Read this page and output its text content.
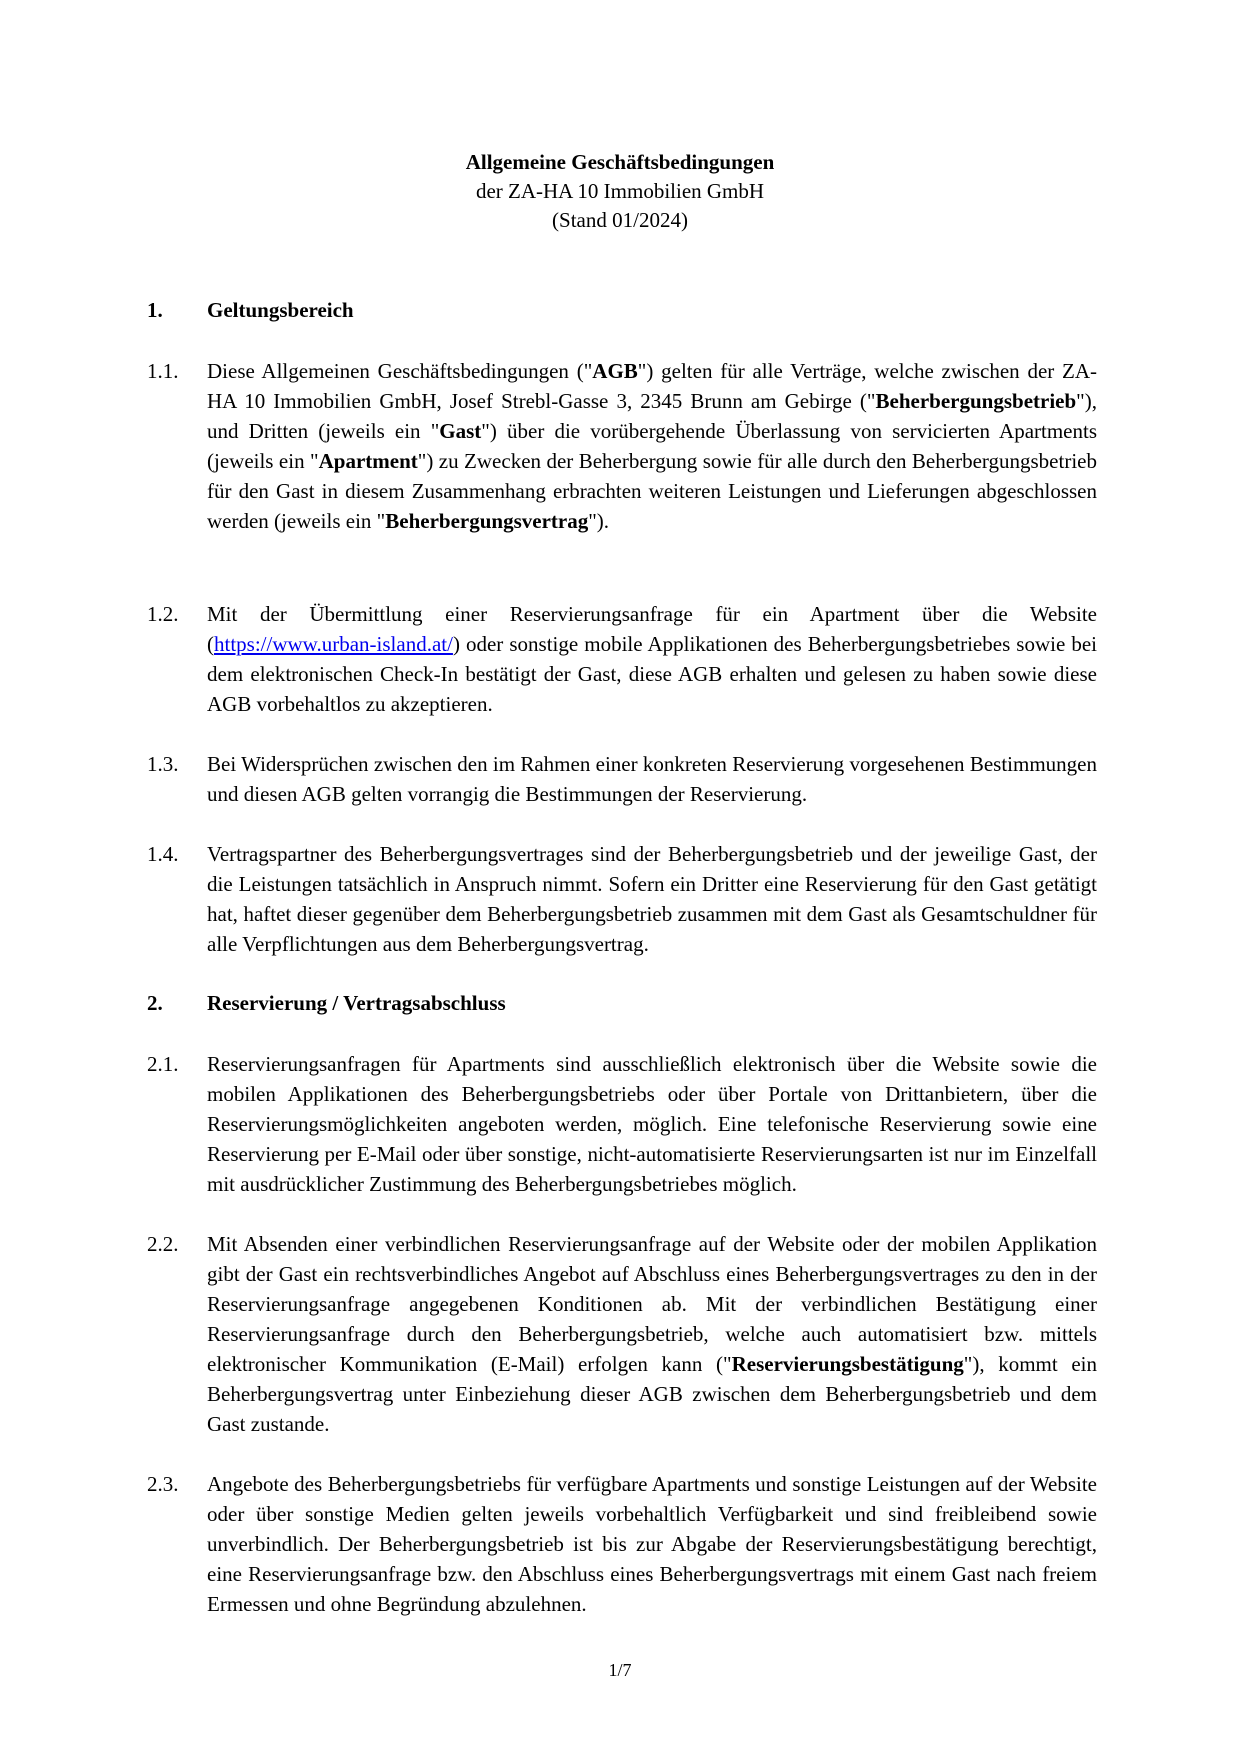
Allgemeine Geschäftsbedingungen
der ZA-HA 10 Immobilien GmbH
(Stand 01/2024)
1. Geltungsbereich
1.1. Diese Allgemeinen Geschäftsbedingungen ("AGB") gelten für alle Verträge, welche zwischen der ZA-HA 10 Immobilien GmbH, Josef Strebl-Gasse 3, 2345 Brunn am Gebirge ("Beherbergungsbetrieb"), und Dritten (jeweils ein "Gast") über die vorübergehende Überlassung von servicierten Apartments (jeweils ein "Apartment") zu Zwecken der Beherbergung sowie für alle durch den Beherbergungsbetrieb für den Gast in diesem Zusammenhang erbrachten weiteren Leistungen und Lieferungen abgeschlossen werden (jeweils ein "Beherbergungsvertrag").
1.2. Mit der Übermittlung einer Reservierungsanfrage für ein Apartment über die Website (https://www.urban-island.at/) oder sonstige mobile Applikationen des Beherbergungsbetriebes sowie bei dem elektronischen Check-In bestätigt der Gast, diese AGB erhalten und gelesen zu haben sowie diese AGB vorbehaltlos zu akzeptieren.
1.3. Bei Widersprüchen zwischen den im Rahmen einer konkreten Reservierung vorgesehenen Bestimmungen und diesen AGB gelten vorrangig die Bestimmungen der Reservierung.
1.4. Vertragspartner des Beherbergungsvertrages sind der Beherbergungsbetrieb und der jeweilige Gast, der die Leistungen tatsächlich in Anspruch nimmt. Sofern ein Dritter eine Reservierung für den Gast getätigt hat, haftet dieser gegenüber dem Beherbergungsbetrieb zusammen mit dem Gast als Gesamtschuldner für alle Verpflichtungen aus dem Beherbergungsvertrag.
2. Reservierung / Vertragsabschluss
2.1. Reservierungsanfragen für Apartments sind ausschließlich elektronisch über die Website sowie die mobilen Applikationen des Beherbergungsbetriebs oder über Portale von Drittanbietern, über die Reservierungsmöglichkeiten angeboten werden, möglich. Eine telefonische Reservierung sowie eine Reservierung per E-Mail oder über sonstige, nicht-automatisierte Reservierungsarten ist nur im Einzelfall mit ausdrücklicher Zustimmung des Beherbergungsbetriebes möglich.
2.2. Mit Absenden einer verbindlichen Reservierungsanfrage auf der Website oder der mobilen Applikation gibt der Gast ein rechtsverbindliches Angebot auf Abschluss eines Beherbergungsvertrages zu den in der Reservierungsanfrage angegebenen Konditionen ab. Mit der verbindlichen Bestätigung einer Reservierungsanfrage durch den Beherbergungsbetrieb, welche auch automatisiert bzw. mittels elektronischer Kommunikation (E-Mail) erfolgen kann ("Reservierungsbestätigung"), kommt ein Beherbergungsvertrag unter Einbeziehung dieser AGB zwischen dem Beherbergungsbetrieb und dem Gast zustande.
2.3. Angebote des Beherbergungsbetriebs für verfügbare Apartments und sonstige Leistungen auf der Website oder über sonstige Medien gelten jeweils vorbehaltlich Verfügbarkeit und sind freibleibend sowie unverbindlich. Der Beherbergungsbetrieb ist bis zur Abgabe der Reservierungsbestätigung berechtigt, eine Reservierungsanfrage bzw. den Abschluss eines Beherbergungsvertrags mit einem Gast nach freiem Ermessen und ohne Begründung abzulehnen.
1/7
